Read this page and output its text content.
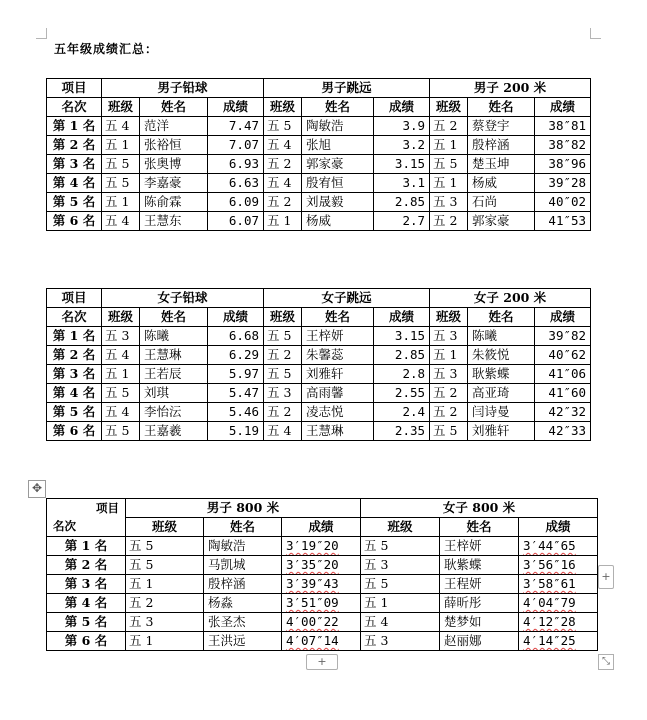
五年级成绩汇总：
项目	男子铅球			男子跳远			男子 200 米		
名次	班级	姓名	成绩	班级	姓名	成绩	班级	姓名	成绩
第 1 名	五 4	范洋	7.47	五 5	陶敏浩	3.9	五 2	蔡登宇	38″81
第 2 名	五 1	张裕恒	7.07	五 4	张旭	3.2	五 1	殷梓涵	38″82
第 3 名	五 5	张奥博	6.93	五 2	郭家豪	3.15	五 5	楚玉坤	38″96
第 4 名	五 5	李嘉豪	6.63	五 4	殷宥恒	3.1	五 1	杨威	39″28
第 5 名	五 1	陈俞霖	6.09	五 2	刘晟毅	2.85	五 3	石尚	40″02
第 6 名	五 4	王慧东	6.07	五 1	杨威	2.7	五 2	郭家豪	41″53
项目	女子铅球			女子跳远			女子 200 米		
名次	班级	姓名	成绩	班级	姓名	成绩	班级	姓名	成绩
第 1 名	五 3	陈曦	6.68	五 5	王梓妍	3.15	五 3	陈曦	39″82
第 2 名	五 4	王慧琳	6.29	五 2	朱馨蕊	2.85	五 1	朱筱悦	40″62
第 3 名	五 1	王若辰	5.97	五 5	刘雅轩	2.8	五 3	耿紫蝶	41″06
第 4 名	五 5	刘琪	5.47	五 3	高雨馨	2.55	五 2	高亚琦	41″60
第 5 名	五 4	李怡沄	5.46	五 2	凌志悦	2.4	五 2	闫诗曼	42″32
第 6 名	五 5	王嘉羲	5.19	五 4	王慧琳	2.35	五 5	刘雅轩	42″33
✥
项目
名次	男子 800 米			女子 800 米		
	班级	姓名	成绩	班级	姓名	成绩
第 1 名	五 5	陶敏浩	3′19″20	五 5	王梓妍	3′44″65
第 2 名	五 5	马凯城	3′35″20	五 3	耿紫蝶	3′56″16
第 3 名	五 1	殷梓涵	3′39″43	五 5	王程妍	3′58″61
第 4 名	五 2	杨淼	3′51″09	五 1	薛昕彤	4′04″79
第 5 名	五 3	张圣杰	4′00″22	五 4	楚梦如	4′12″28
第 6 名	五 1	王洪远	4′07″14	五 3	赵丽娜	4′14″25
+
+	⤡
